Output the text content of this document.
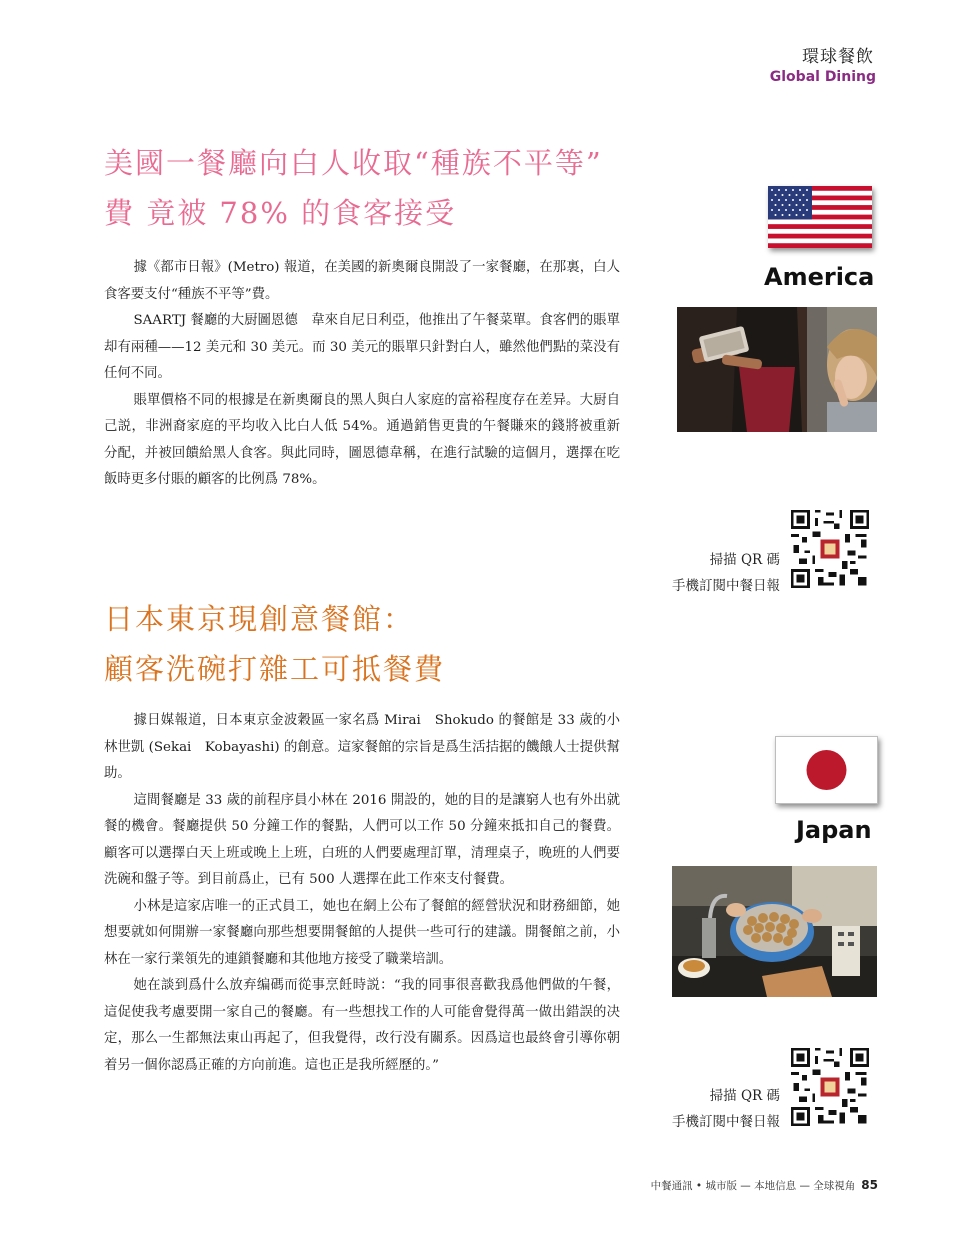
環球餐飲
Global Dining
美國一餐廳向白人收取“種族不平等”
費 竟被 78% 的食客接受

據《都市日報》(Metro) 報道，在美國的新奧爾良開設了一家餐廳，在那裏，白人食客要支付“種族不平等”費。

SAARTJ 餐廳的大厨圖恩德　韋來自尼日利亞，他推出了午餐菜單。食客們的賬單却有兩種——12 美元和 30 美元。而 30 美元的賬單只針對白人，雖然他們點的菜没有任何不同。

賬單價格不同的根據是在新奧爾良的黑人與白人家庭的富裕程度存在差异。大厨自己説，非洲裔家庭的平均收入比白人低 54%。通過銷售更貴的午餐賺來的錢將被重新分配，并被回饋給黑人食客。與此同時，圖恩德韋稱，在進行試驗的這個月，選擇在吃飯時更多付賬的顧客的比例爲 78%。

America
掃描 QR 碼
手機訂閱中餐日報
日本東京現創意餐館：
顧客洗碗打雜工可抵餐費

據日媒報道，日本東京金波穀區一家名爲 Mirai　Shokudo 的餐館是 33 歲的小林世凱 (Sekai　Kobayashi) 的創意。這家餐館的宗旨是爲生活拮据的饑餓人士提供幫助。

這間餐廳是 33 歲的前程序員小林在 2016 開設的，她的目的是讓窮人也有外出就餐的機會。餐廳提供 50 分鐘工作的餐點，人們可以工作 50 分鐘來抵扣自己的餐費。顧客可以選擇白天上班或晚上上班，白班的人們要處理訂單，清理桌子，晚班的人們要洗碗和盤子等。到目前爲止，已有 500 人選擇在此工作來支付餐費。

小林是這家店唯一的正式員工，她也在網上公布了餐館的經營狀況和財務細節，她想要就如何開辦一家餐廳向那些想要開餐館的人提供一些可行的建議。開餐館之前，小林在一家行業領先的連鎖餐廳和其他地方接受了職業培訓。

她在談到爲什么放弃编碼而從事烹飪時説：“我的同事很喜歡我爲他們做的午餐，這促使我考慮要開一家自己的餐廳。有一些想找工作的人可能會覺得萬一做出錯誤的决定，那么一生都無法東山再起了，但我覺得，改行没有關系。因爲這也最終會引導你朝着另一個你認爲正確的方向前進。這也正是我所經歷的。”

Japan
掃描 QR 碼
手機訂閱中餐日報
中餐通訊 • 城市版 — 本地信息 — 全球視角 85
